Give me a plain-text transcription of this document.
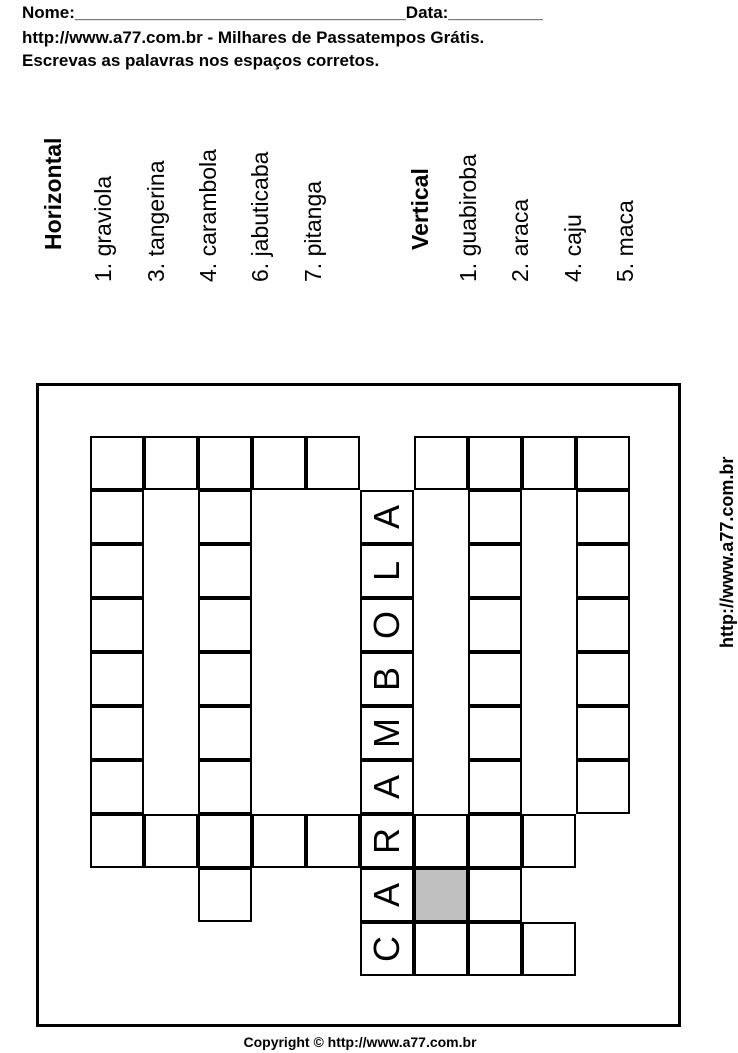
Nome:___________________________________Data:__________
http://www.a77.com.br - Milhares de Passatempos Grátis.
Escrevas as palavras nos espaços corretos.
Horizontal 1. graviola 3. tangerina 4. carambola 6. jabuticaba 7. pitanga	Vertical 1. guabiroba 2. araca 4. caju 5. maca
A
L
O
B
M
A
R
A
C
http://www.a77.com.br
Copyright © http://www.a77.com.br
